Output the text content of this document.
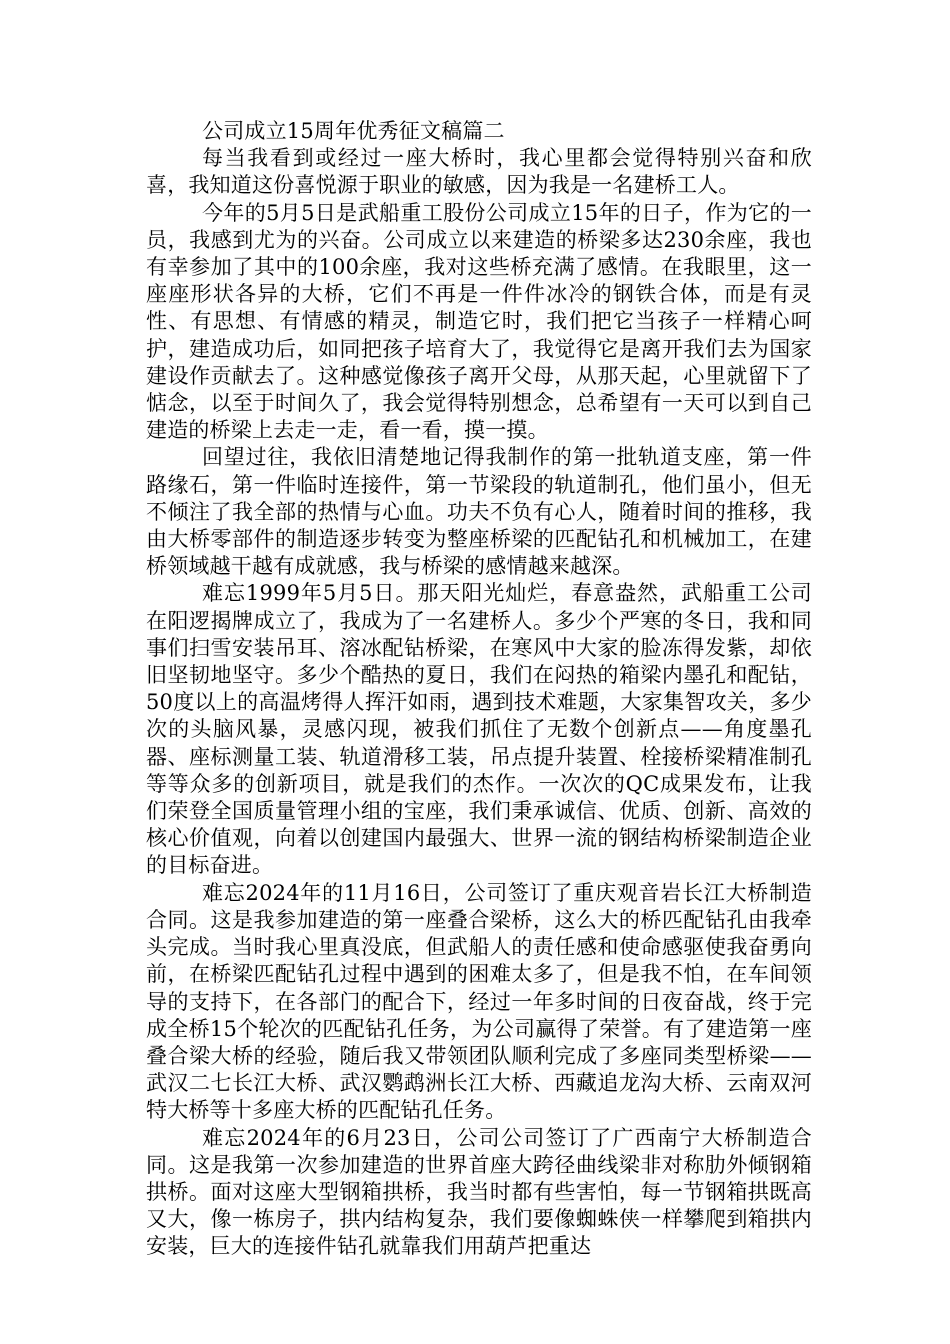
公司成立15周年优秀征文稿篇二

每当我看到或经过一座大桥时，我心里都会觉得特别兴奋和欣喜，我知道这份喜悦源于职业的敏感，因为我是一名建桥工人。

今年的5月5日是武船重工股份公司成立15年的日子，作为它的一员，我感到尤为的兴奋。公司成立以来建造的桥梁多达230余座，我也有幸参加了其中的100余座，我对这些桥充满了感情。在我眼里，这一座座形状各异的大桥，它们不再是一件件冰冷的钢铁合体，而是有灵性、有思想、有情感的精灵，制造它时，我们把它当孩子一样精心呵护，建造成功后，如同把孩子培育大了，我觉得它是离开我们去为国家建设作贡献去了。这种感觉像孩子离开父母，从那天起，心里就留下了惦念，以至于时间久了，我会觉得特别想念，总希望有一天可以到自己建造的桥梁上去走一走，看一看，摸一摸。

回望过往，我依旧清楚地记得我制作的第一批轨道支座，第一件路缘石，第一件临时连接件，第一节梁段的轨道制孔，他们虽小，但无不倾注了我全部的热情与心血。功夫不负有心人，随着时间的推移，我由大桥零部件的制造逐步转变为整座桥梁的匹配钻孔和机械加工，在建桥领域越干越有成就感，我与桥梁的感情越来越深。

难忘1999年5月5日。那天阳光灿烂，春意盎然，武船重工公司在阳逻揭牌成立了，我成为了一名建桥人。多少个严寒的冬日，我和同事们扫雪安装吊耳、溶冰配钻桥梁，在寒风中大家的脸冻得发紫，却依旧坚韧地坚守。多少个酷热的夏日，我们在闷热的箱梁内墨孔和配钻，50度以上的高温烤得人挥汗如雨，遇到技术难题，大家集智攻关，多少次的头脑风暴，灵感闪现，被我们抓住了无数个创新点——角度墨孔器、座标测量工装、轨道滑移工装，吊点提升装置、栓接桥梁精准制孔等等众多的创新项目，就是我们的杰作。一次次的QC成果发布，让我们荣登全国质量管理小组的宝座，我们秉承诚信、优质、创新、高效的核心价值观，向着以创建国内最强大、世界一流的钢结构桥梁制造企业的目标奋进。

难忘2024年的11月16日，公司签订了重庆观音岩长江大桥制造合同。这是我参加建造的第一座叠合梁桥，这么大的桥匹配钻孔由我牵头完成。当时我心里真没底，但武船人的责任感和使命感驱使我奋勇向前，在桥梁匹配钻孔过程中遇到的困难太多了，但是我不怕，在车间领导的支持下，在各部门的配合下，经过一年多时间的日夜奋战，终于完成全桥15个轮次的匹配钻孔任务，为公司赢得了荣誉。有了建造第一座叠合梁大桥的经验，随后我又带领团队顺利完成了多座同类型桥梁——武汉二七长江大桥、武汉鹦鹉洲长江大桥、西藏追龙沟大桥、云南双河特大桥等十多座大桥的匹配钻孔任务。

难忘2024年的6月23日，公司公司签订了广西南宁大桥制造合同。这是我第一次参加建造的世界首座大跨径曲线梁非对称肋外倾钢箱拱桥。面对这座大型钢箱拱桥，我当时都有些害怕，每一节钢箱拱既高又大，像一栋房子，拱内结构复杂，我们要像蜘蛛侠一样攀爬到箱拱内安装，巨大的连接件钻孔就靠我们用葫芦把重达
